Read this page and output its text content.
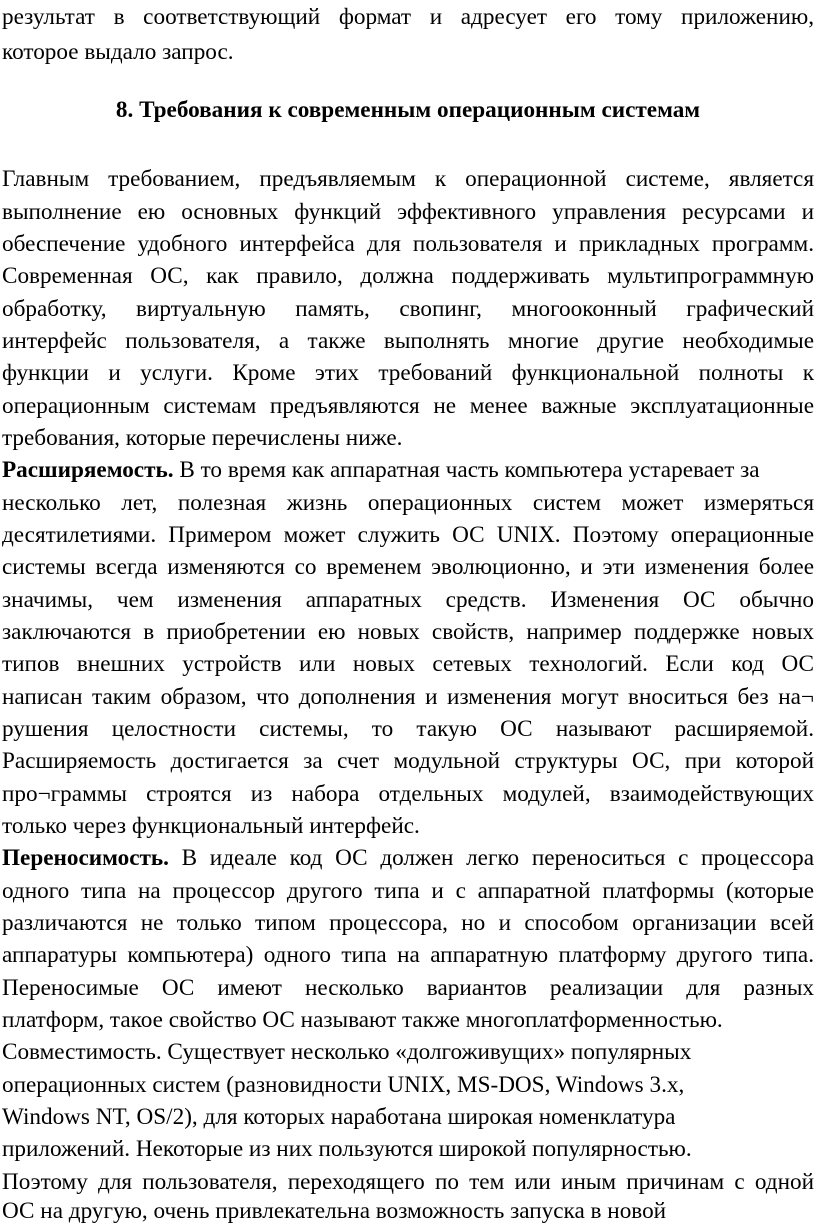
результат в соответствующий формат и адресует его тому приложению,
которое выдало запрос.
8. Требования к современным операционным системам
Главным требованием, предъявляемым к операционной системе, является
выполнение ею основных функций эффективного управления ресурсами и
обеспечение удобного интерфейса для пользователя и прикладных программ.
Современная ОС, как правило, должна поддерживать мультипрограммную
обработку, виртуальную память, свопинг, многооконный графический
интерфейс пользователя, а также выполнять многие другие необходимые
функции и услуги. Кроме этих требований функциональной полноты к
операционным системам предъявляются не менее важные эксплуатационные
требования, которые перечислены ниже.
Расширяемость. В то время как аппаратная часть компьютера устаревает за
несколько лет, полезная жизнь операционных систем может измеряться
десятилетиями. Примером может служить ОС UNIX. Поэтому операционные
системы всегда изменяются со временем эволюционно, и эти изменения более
значимы, чем изменения аппаратных средств. Изменения ОС обычно
заключаются в приобретении ею новых свойств, например поддержке новых
типов внешних устройств или новых сетевых технологий. Если код ОС
написан таким образом, что дополнения и изменения могут вноситься без на¬
рушения целостности системы, то такую ОС называют расширяемой.
Расширяемость достигается за счет модульной структуры ОС, при которой
про¬граммы строятся из набора отдельных модулей, взаимодействующих
только через функциональный интерфейс.
Переносимость. В идеале код ОС должен легко переноситься с процессора
одного типа на процессор другого типа и с аппаратной платформы (которые
различаются не только типом процессора, но и способом организации всей
аппаратуры компьютера) одного типа на аппаратную платформу другого типа.
Переносимые ОС имеют несколько вариантов реализации для разных
платформ, такое свойство ОС называют также многоплатформенностью.
Совместимость. Существует несколько «долгоживущих» популярных
операционных систем (разновидности UNIX, MS-DOS, Windows 3.x,
Windows NT, OS/2), для которых наработана широкая номенклатура
приложений. Некоторые из них пользуются широкой популярностью.
Поэтому для пользователя, переходящего по тем или иным причинам с одной
ОС на другую, очень привлекательна возможность запуска в новой
